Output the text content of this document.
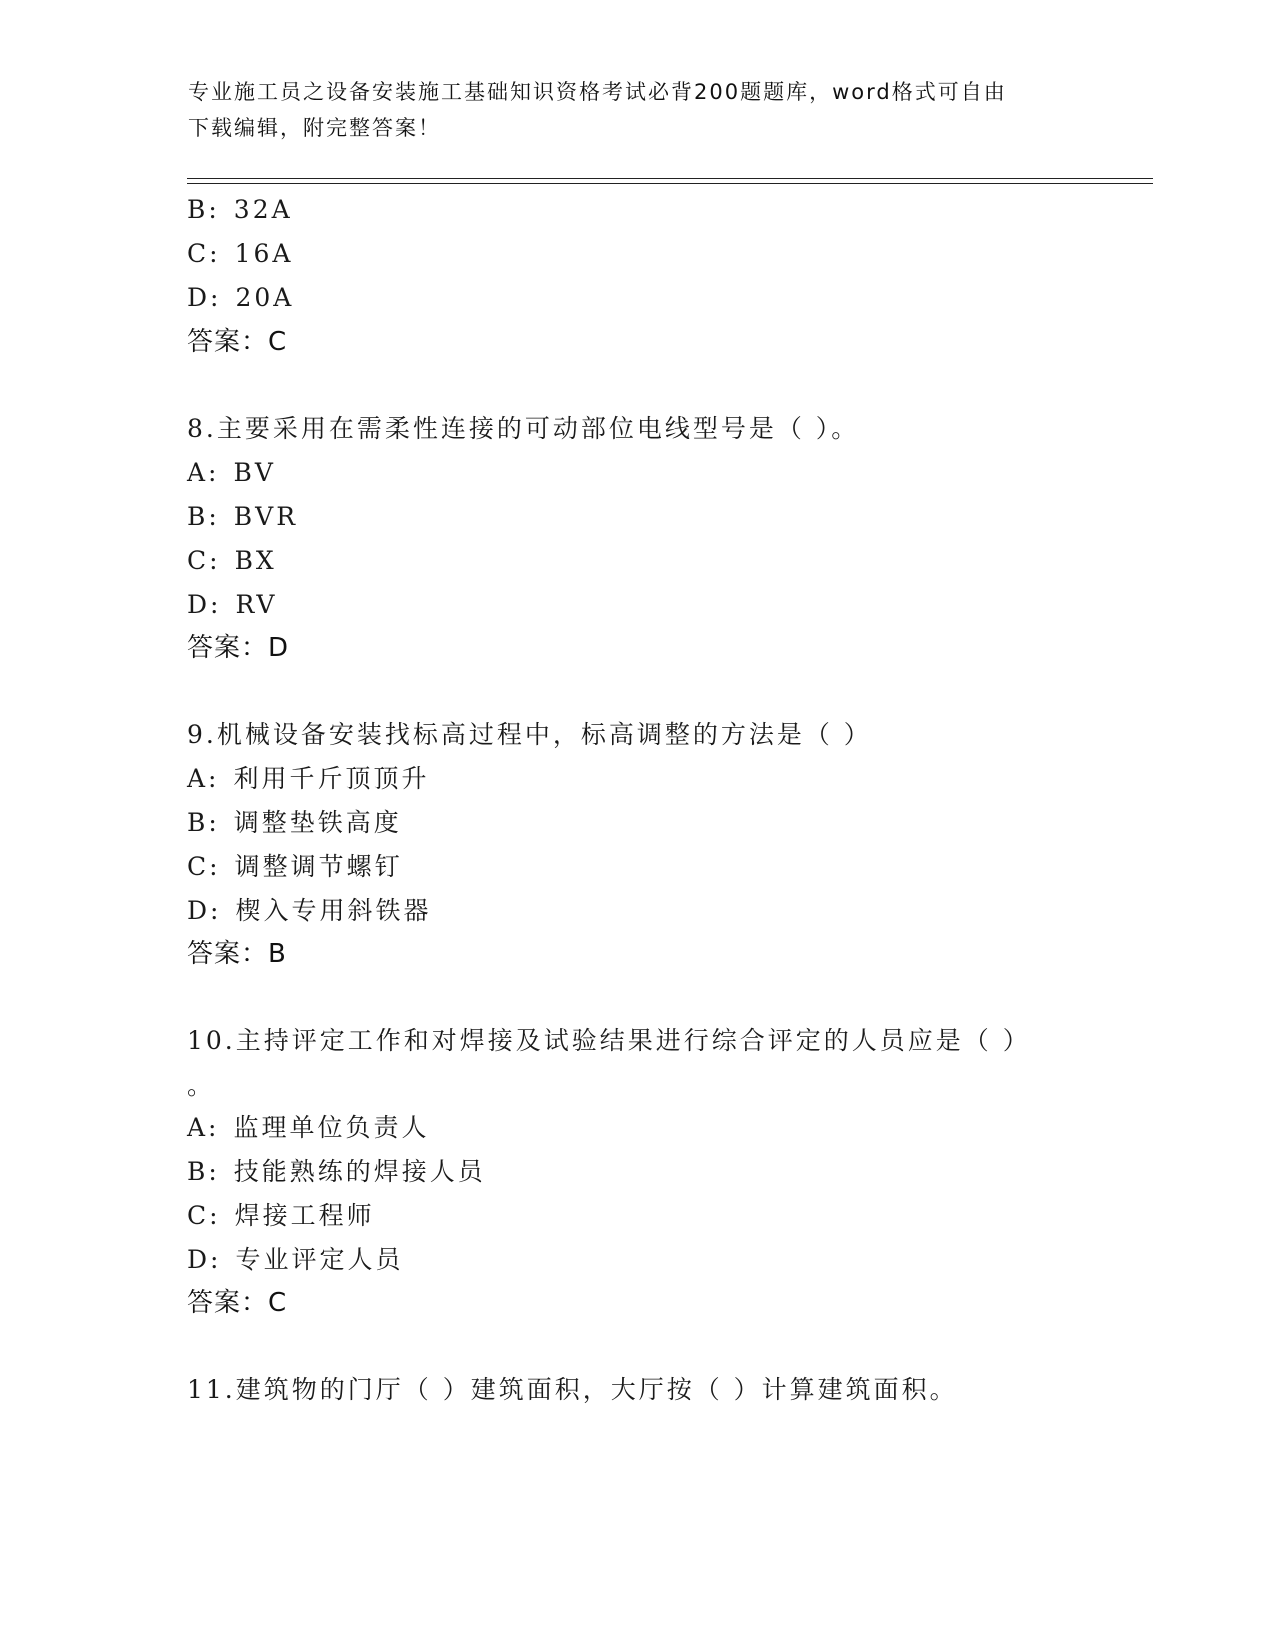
专业施工员之设备安装施工基础知识资格考试必背200题题库，word格式可自由
下载编辑，附完整答案！
B: 32A
C: 16A
D: 20A
答案：C
8.主要采用在需柔性连接的可动部位电线型号是（ ）。
A: BV
B: BVR
C: BX
D: RV
答案：D
9.机械设备安装找标高过程中，标高调整的方法是（ ）
A: 利用千斤顶顶升
B: 调整垫铁高度
C: 调整调节螺钉
D: 楔入专用斜铁器
答案：B
10.主持评定工作和对焊接及试验结果进行综合评定的人员应是（ ）
。
A: 监理单位负责人
B: 技能熟练的焊接人员
C: 焊接工程师
D: 专业评定人员
答案：C
11.建筑物的门厅（ ）建筑面积，大厅按（ ）计算建筑面积。
